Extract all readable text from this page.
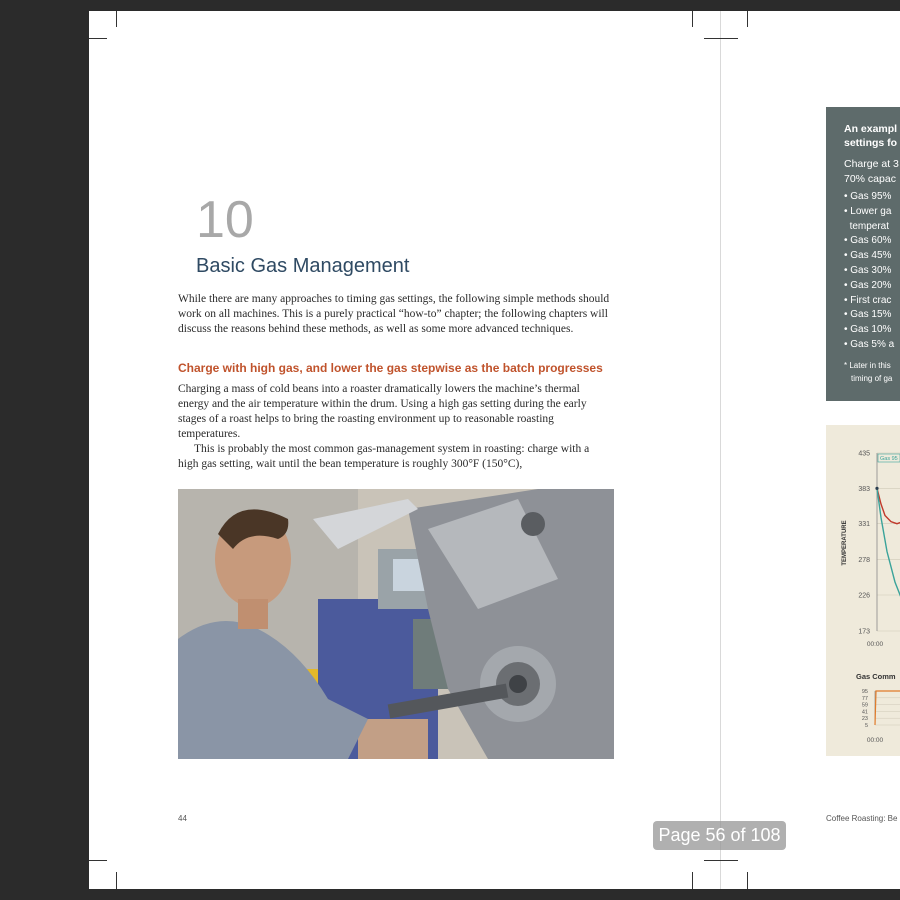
10
Basic Gas Management

While there are many approaches to timing gas settings, the following simple methods should work on all machines. This is a purely practical “how-to” chapter; the following chapters will discuss the reasons behind these methods, as well as some more advanced techniques.

Charge with high gas, and lower the gas stepwise as the batch progresses

Charging a mass of cold beans into a roaster dramatically lowers the machine’s thermal energy and the air temperature within the drum. Using a high gas setting during the early stages of a roast helps to bring the roasting environment up to reasonable roasting temperatures.

This is probably the most common gas-management system in roasting: charge with a high gas setting, wait until the bean temperature is roughly 300°F (150°C),

44
An exampl
settings fo
Charge at 3
70% capac
• Gas 95%
• Lower ga
temperat
• Gas 60%
• Gas 45%
• Gas 30%
• Gas 20%
• First crac
• Gas 15%
• Gas 10%
• Gas 5% a
* Later in this
timing of ga
435
383
331
278
226
173
TEMPERATURE
00:00
Gas 95
Gas Comm
95
77
59
41
23
5
00:00
Coffee Roasting: Be
Page 56 of 108
